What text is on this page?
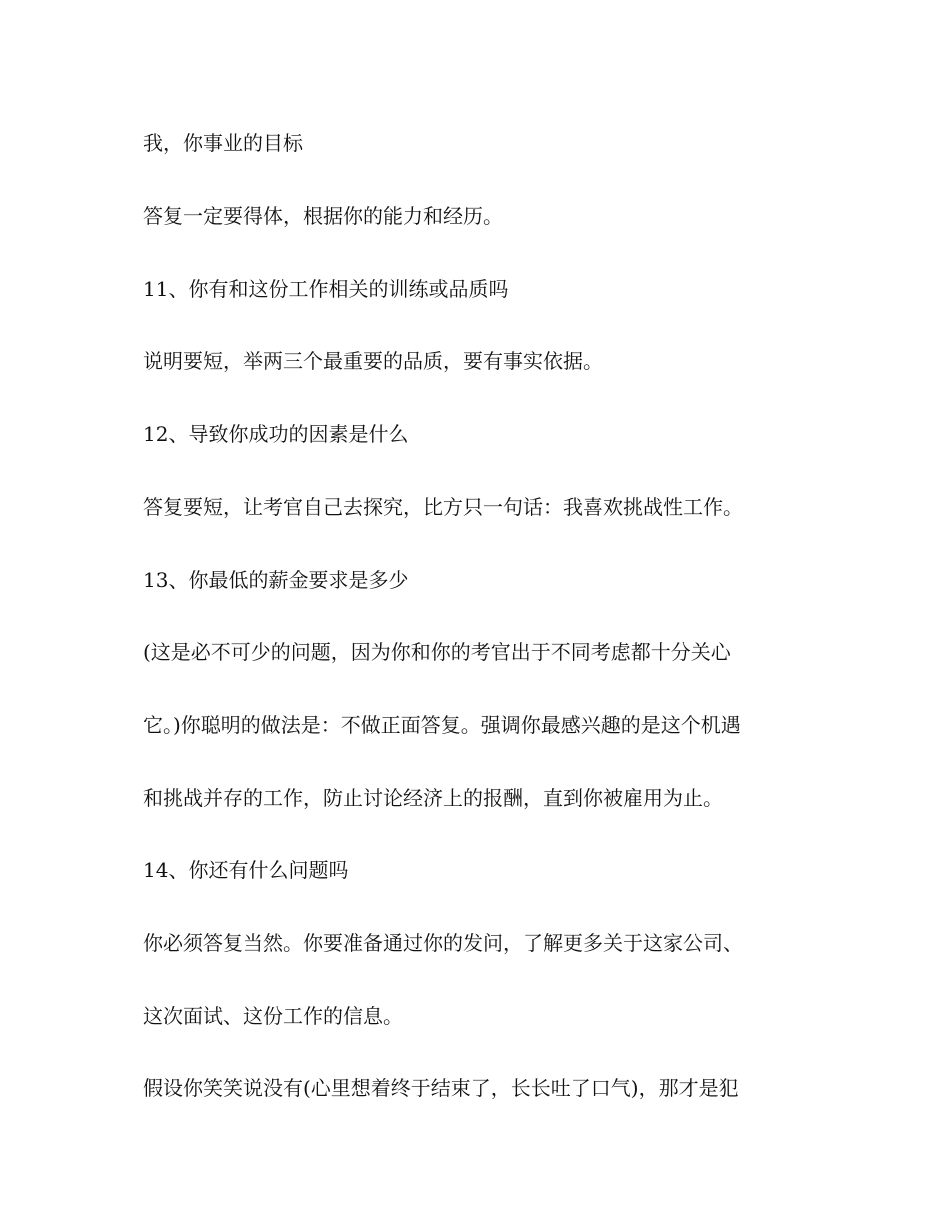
我，你事业的目标

答复一定要得体，根据你的能力和经历。

11、你有和这份工作相关的训练或品质吗

说明要短，举两三个最重要的品质，要有事实依据。

12、导致你成功的因素是什么

答复要短，让考官自己去探究，比方只一句话：我喜欢挑战性工作。

13、你最低的薪金要求是多少

(这是必不可少的问题，因为你和你的考官出于不同考虑都十分关心

它。)你聪明的做法是：不做正面答复。强调你最感兴趣的是这个机遇

和挑战并存的工作，防止讨论经济上的报酬，直到你被雇用为止。

14、你还有什么问题吗

你必须答复当然。你要准备通过你的发问，了解更多关于这家公司、

这次面试、这份工作的信息。

假设你笑笑说没有(心里想着终于结束了，长长吐了口气)，那才是犯
